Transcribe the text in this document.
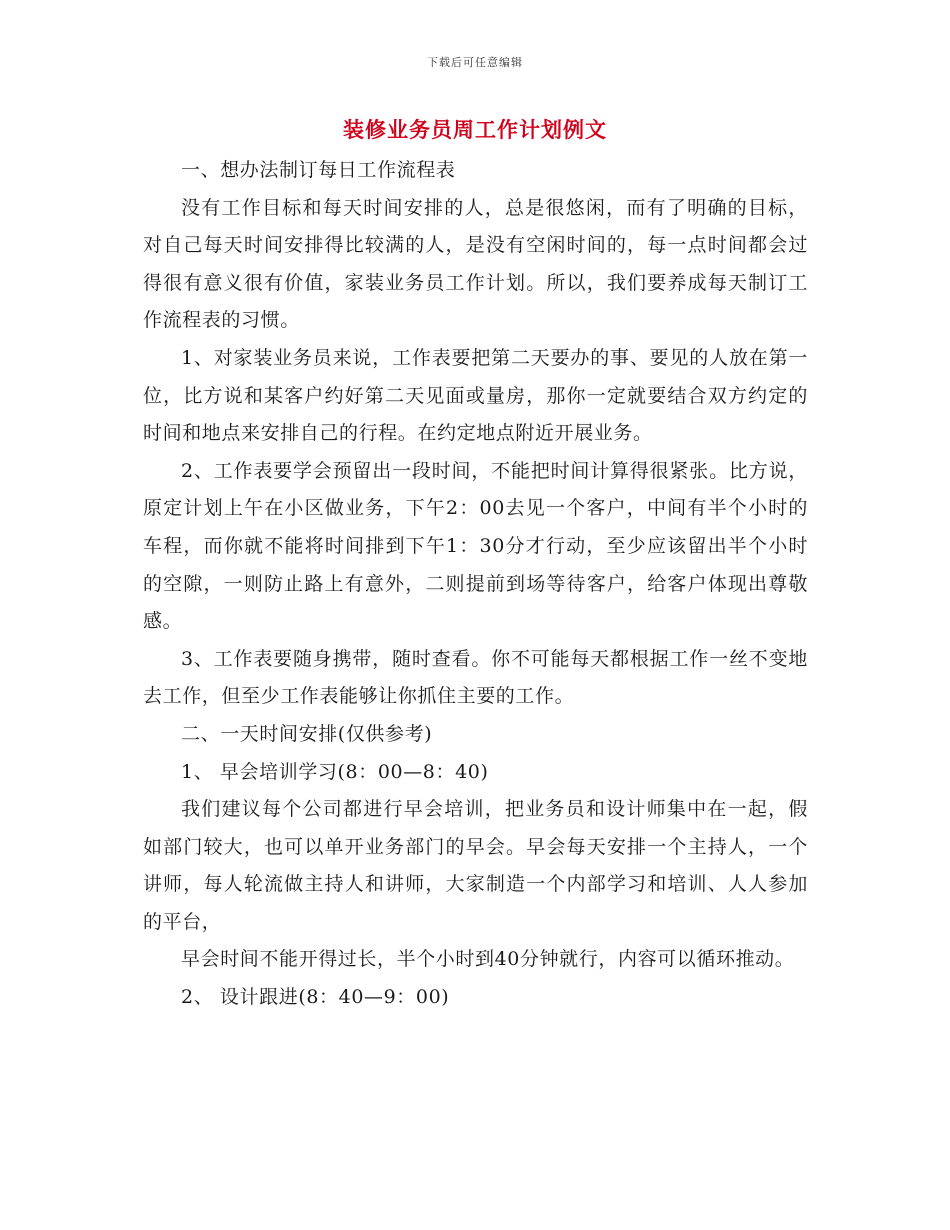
下载后可任意编辑
装修业务员周工作计划例文

一、想办法制订每日工作流程表

没有工作目标和每天时间安排的人，总是很悠闲，而有了明确的目标，对自己每天时间安排得比较满的人，是没有空闲时间的，每一点时间都会过得很有意义很有价值，家装业务员工作计划。所以，我们要养成每天制订工作流程表的习惯。

1、对家装业务员来说，工作表要把第二天要办的事、要见的人放在第一位，比方说和某客户约好第二天见面或量房，那你一定就要结合双方约定的时间和地点来安排自己的行程。在约定地点附近开展业务。

2、工作表要学会预留出一段时间，不能把时间计算得很紧张。比方说，原定计划上午在小区做业务，下午2：00去见一个客户，中间有半个小时的车程，而你就不能将时间排到下午1：30分才行动，至少应该留出半个小时的空隙，一则防止路上有意外，二则提前到场等待客户，给客户体现出尊敬感。

3、工作表要随身携带，随时查看。你不可能每天都根据工作一丝不变地去工作，但至少工作表能够让你抓住主要的工作。

二、一天时间安排(仅供参考)

1、 早会培训学习(8：00—8：40)

我们建议每个公司都进行早会培训，把业务员和设计师集中在一起，假如部门较大，也可以单开业务部门的早会。早会每天安排一个主持人，一个讲师，每人轮流做主持人和讲师，大家制造一个内部学习和培训、人人参加的平台，

早会时间不能开得过长，半个小时到40分钟就行，内容可以循环推动。

2、 设计跟进(8：40—9：00)
